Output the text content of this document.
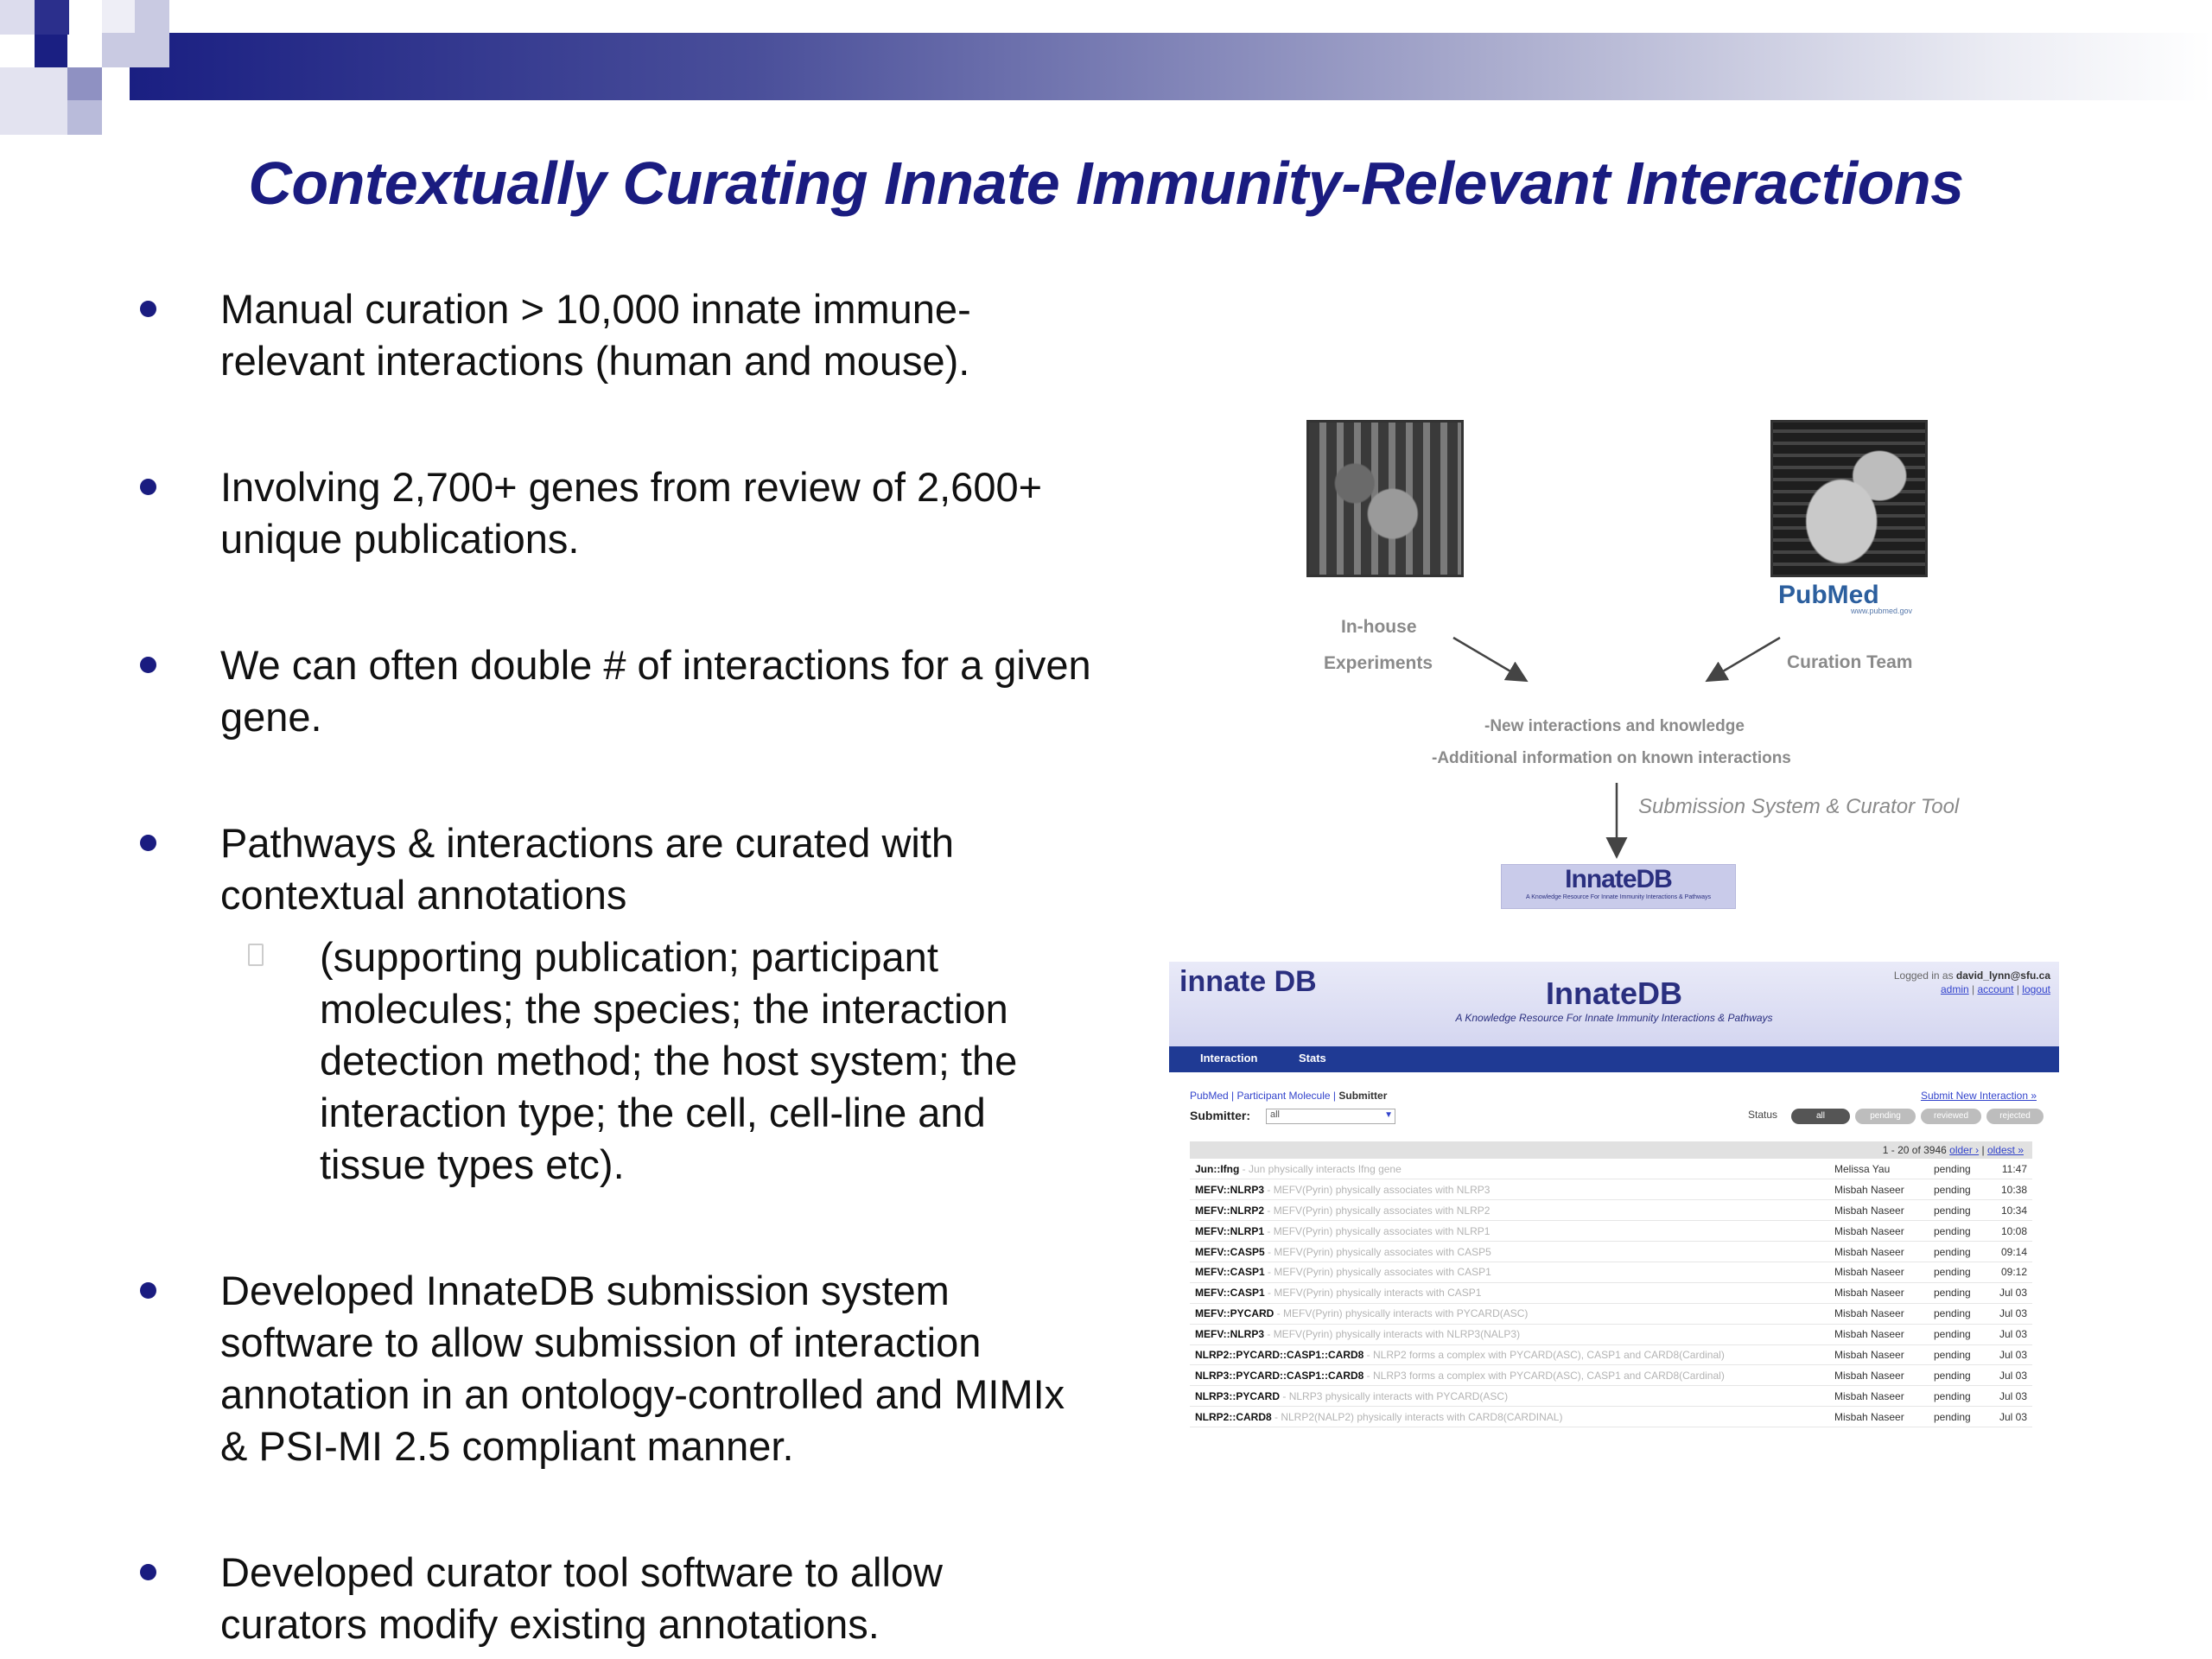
Contextually Curating Innate Immunity-Relevant Interactions
Manual curation > 10,000 innate immune-relevant interactions (human and mouse).
Involving 2,700+ genes from review of 2,600+ unique publications.
We can often double # of interactions for a given gene.
Pathways & interactions are curated with contextual annotations
(supporting publication; participant molecules; the species; the interaction detection method; the host system; the interaction type; the cell, cell-line and tissue types etc).
Developed InnateDB submission system software to allow submission of interaction annotation in an ontology-controlled and MIMIx & PSI-MI 2.5 compliant manner.
Developed curator tool software to allow curators modify existing annotations.
PubMed
www.pubmed.gov
In-house
Experiments	Curation Team
-New interactions and knowledge
-Additional information on known interactions
Submission System & Curator Tool
InnateDB
A Knowledge Resource For Innate Immunity Interactions & Pathways
innate DB	InnateDB
A Knowledge Resource For Innate Immunity Interactions & Pathways
Logged in as david_lynn@sfu.ca
admin | account | logout
Interaction	Stats
PubMed | Participant Molecule | Submitter	Submit New Interaction »
Submitter:	all ▼	Status	all	pending	reviewed	rejected
1 - 20 of 3946 older › | oldest »
Jun::Ifng - Jun physically interacts Ifng gene	Melissa Yau	pending	11:47
MEFV::NLRP3 - MEFV(Pyrin) physically associates with NLRP3	Misbah Naseer	pending	10:38
MEFV::NLRP2 - MEFV(Pyrin) physically associates with NLRP2	Misbah Naseer	pending	10:34
MEFV::NLRP1 - MEFV(Pyrin) physically associates with NLRP1	Misbah Naseer	pending	10:08
MEFV::CASP5 - MEFV(Pyrin) physically associates with CASP5	Misbah Naseer	pending	09:14
MEFV::CASP1 - MEFV(Pyrin) physically associates with CASP1	Misbah Naseer	pending	09:12
MEFV::CASP1 - MEFV(Pyrin) physically interacts with CASP1	Misbah Naseer	pending	Jul 03
MEFV::PYCARD - MEFV(Pyrin) physically interacts with PYCARD(ASC)	Misbah Naseer	pending	Jul 03
MEFV::NLRP3 - MEFV(Pyrin) physically interacts with NLRP3(NALP3)	Misbah Naseer	pending	Jul 03
NLRP2::PYCARD::CASP1::CARD8 - NLRP2 forms a complex with PYCARD(ASC), CASP1 and CARD8(Cardinal)	Misbah Naseer	pending	Jul 03
NLRP3::PYCARD::CASP1::CARD8 - NLRP3 forms a complex with PYCARD(ASC), CASP1 and CARD8(Cardinal)	Misbah Naseer	pending	Jul 03
NLRP3::PYCARD - NLRP3 physically interacts with PYCARD(ASC)	Misbah Naseer	pending	Jul 03
NLRP2::CARD8 - NLRP2(NALP2) physically interacts with CARD8(CARDINAL)	Misbah Naseer	pending	Jul 03
